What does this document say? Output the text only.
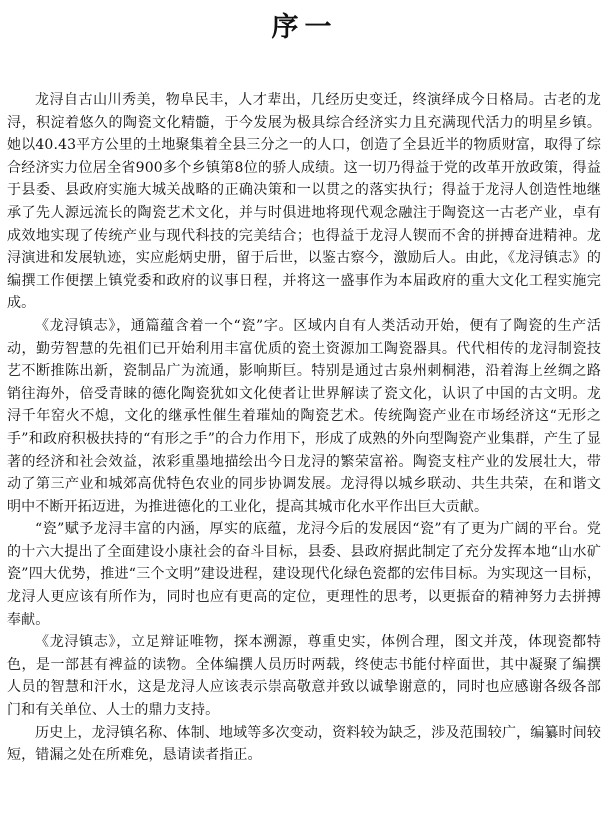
序一

龙浔自古山川秀美，物阜民丰，人才辈出，几经历史变迁，终演绎成今日格局。古老的龙浔，积淀着悠久的陶瓷文化精髓，于今发展为极具综合经济实力且充满现代活力的明星乡镇。她以40.43平方公里的土地聚集着全县三分之一的人口，创造了全县近半的物质财富，取得了综合经济实力位居全省900多个乡镇第8位的骄人成绩。这一切乃得益于党的改革开放政策，得益于县委、县政府实施大城关战略的正确决策和一以贯之的落实执行；得益于龙浔人创造性地继承了先人源远流长的陶瓷艺术文化，并与时俱进地将现代观念融注于陶瓷这一古老产业，卓有成效地实现了传统产业与现代科技的完美结合；也得益于龙浔人锲而不舍的拼搏奋进精神。龙浔演进和发展轨迹，实应彪炳史册，留于后世，以鉴古察今，激励后人。由此，《龙浔镇志》的编撰工作便摆上镇党委和政府的议事日程，并将这一盛事作为本届政府的重大文化工程实施完成。

《龙浔镇志》，通篇蕴含着一个“瓷”字。区域内自有人类活动开始，便有了陶瓷的生产活动，勤劳智慧的先祖们已开始利用丰富优质的瓷土资源加工陶瓷器具。代代相传的龙浔制瓷技艺不断推陈出新，瓷制品广为流通，影响斯巨。特别是通过古泉州刺桐港，沿着海上丝绸之路销往海外，倍受青睐的德化陶瓷犹如文化使者让世界解读了瓷文化，认识了中国的古文明。龙浔千年窑火不熄，文化的继承性催生着璀灿的陶瓷艺术。传统陶瓷产业在市场经济这“无形之手”和政府积极扶持的“有形之手”的合力作用下，形成了成熟的外向型陶瓷产业集群，产生了显著的经济和社会效益，浓彩重墨地描绘出今日龙浔的繁荣富裕。陶瓷支柱产业的发展壮大，带动了第三产业和城郊高优特色农业的同步协调发展。龙浔得以城乡联动、共生共荣，在和谐文明中不断开拓迈进，为推进德化的工业化，提高其城市化水平作出巨大贡献。

“瓷”赋予龙浔丰富的内涵，厚实的底蕴，龙浔今后的发展因“瓷”有了更为广阔的平台。党的十六大提出了全面建设小康社会的奋斗目标，县委、县政府据此制定了充分发挥本地“山水矿瓷”四大优势，推进“三个文明”建设进程，建设现代化绿色瓷都的宏伟目标。为实现这一目标，龙浔人更应该有所作为，同时也应有更高的定位，更理性的思考，以更振奋的精神努力去拼搏奉献。

《龙浔镇志》，立足辩证唯物，探本溯源，尊重史实，体例合理，图文并茂，体现瓷都特色，是一部甚有裨益的读物。全体编撰人员历时两载，终使志书能付梓面世，其中凝聚了编撰人员的智慧和汗水，这是龙浔人应该表示崇高敬意并致以诚挚谢意的，同时也应感谢各级各部门和有关单位、人士的鼎力支持。

历史上，龙浔镇名称、体制、地域等多次变动，资料较为缺乏，涉及范围较广，编纂时间较短，错漏之处在所难免，恳请读者指正。
